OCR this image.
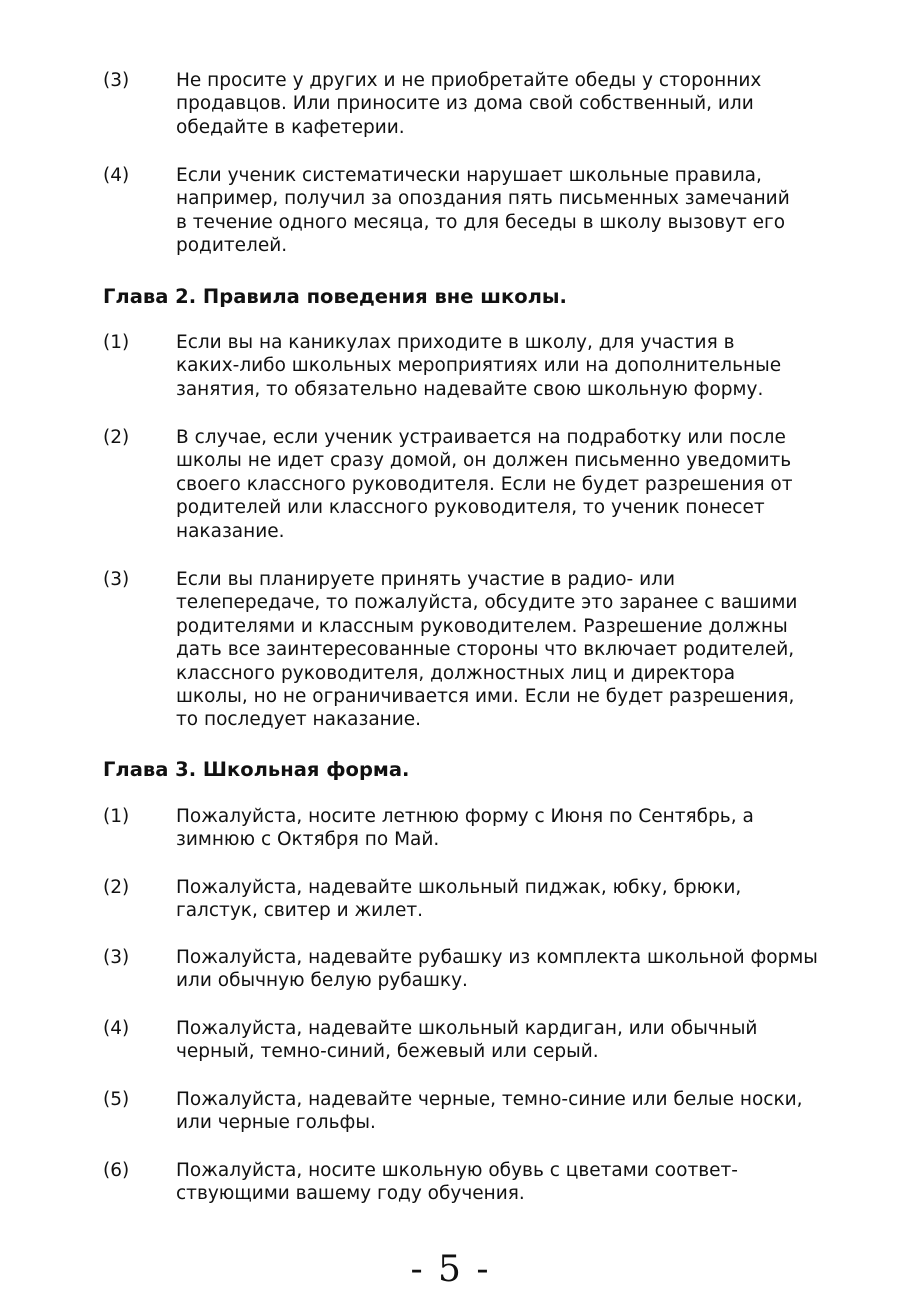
(3)	Не просите у других и не приобретайте обеды у сторонних
продавцов. Или приносите из дома свой собственный, или
обедайте в кафетерии.
(4)	Если ученик систематически нарушает школьные правила,
например, получил за опоздания пять письменных замечаний
в течение одного месяца, то для беседы в школу вызовут его
родителей.
Глава 2. Правила поведения вне школы.
(1)	Если вы на каникулах приходите в школу, для участия в
каких-либо школьных мероприятиях или на дополнительные
занятия, то обязательно надевайте свою школьную форму.
(2)	В случае, если ученик устраивается на подработку или после
школы не идет сразу домой, он должен письменно уведомить
своего классного руководителя. Если не будет разрешения от
родителей или классного руководителя, то ученик понесет
наказание.
(3)	Если вы планируете принять участие в радио- или
телепередаче, то пожалуйста, обсудите это заранее с вашими
родителями и классным руководителем. Разрешение должны
дать все заинтересованные стороны что включает родителей,
классного руководителя, должностных лиц и директора
школы, но не ограничивается ими. Если не будет разрешения,
то последует наказание.
Глава 3. Школьная форма.
(1)	Пожалуйста, носите летнюю форму с Июня по Сентябрь, а
зимнюю с Октября по Май.
(2)	Пожалуйста, надевайте школьный пиджак, юбку, брюки,
галстук, свитер и жилет.
(3)	Пожалуйста, надевайте рубашку из комплекта школьной формы
или обычную белую рубашку.
(4)	Пожалуйста, надевайте школьный кардиган, или обычный
черный, темно-синий, бежевый или серый.
(5)	Пожалуйста, надевайте черные, темно-синие или белые носки,
или черные гольфы.
(6)	Пожалуйста, носите школьную обувь с цветами соответ-
ствующими вашему году обучения.
- 5 -
